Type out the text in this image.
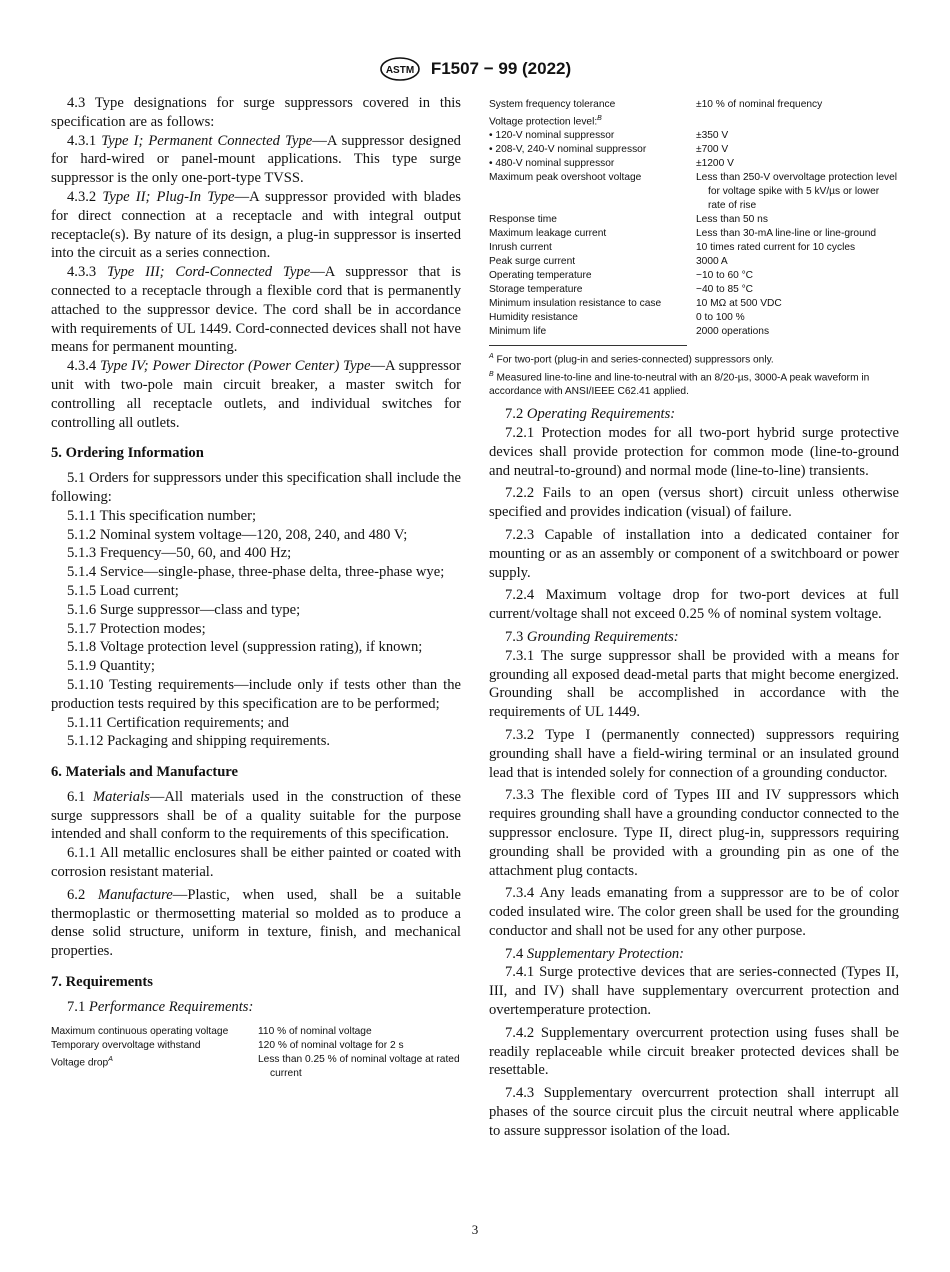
ASTM F1507 − 99 (2022)

4.3 Type designations for surge suppressors covered in this specification are as follows:

4.3.1 Type I; Permanent Connected Type—A suppressor designed for hard-wired or panel-mount applications. This type surge suppressor is the only one-port-type TVSS.

4.3.2 Type II; Plug-In Type—A suppressor provided with blades for direct connection at a receptacle and with integral output receptacle(s). By nature of its design, a plug-in suppressor is inserted into the circuit as a series connection.

4.3.3 Type III; Cord-Connected Type—A suppressor that is connected to a receptacle through a flexible cord that is permanently attached to the suppressor device. The cord shall be in accordance with requirements of UL 1449. Cord-connected devices shall not have means for permanent mounting.

4.3.4 Type IV; Power Director (Power Center) Type—A suppressor unit with two-pole main circuit breaker, a master switch for controlling all receptacle outlets, and individual switches for controlling all outlets.

5. Ordering Information

5.1 Orders for suppressors under this specification shall include the following:

5.1.1 This specification number;

5.1.2 Nominal system voltage—120, 208, 240, and 480 V;

5.1.3 Frequency—50, 60, and 400 Hz;

5.1.4 Service—single-phase, three-phase delta, three-phase wye;

5.1.5 Load current;

5.1.6 Surge suppressor—class and type;

5.1.7 Protection modes;

5.1.8 Voltage protection level (suppression rating), if known;

5.1.9 Quantity;

5.1.10 Testing requirements—include only if tests other than the production tests required by this specification are to be performed;

5.1.11 Certification requirements; and

5.1.12 Packaging and shipping requirements.

6. Materials and Manufacture

6.1 Materials—All materials used in the construction of these surge suppressors shall be of a quality suitable for the purpose intended and shall conform to the requirements of this specification.

6.1.1 All metallic enclosures shall be either painted or coated with corrosion resistant material.

6.2 Manufacture—Plastic, when used, shall be a suitable thermoplastic or thermosetting material so molded as to produce a dense solid structure, uniform in texture, finish, and mechanical properties.

7. Requirements

7.1 Performance Requirements:

Maximum continuous operating voltage	110 % of nominal voltage

Temporary overvoltage withstand	120 % of nominal voltage for 2 s

Voltage drop$^A$	Less than 0.25 % of nominal voltage at rated current
System frequency tolerance	±10 % of nominal frequency

Voltage protection level:$^B$

• 120-V nominal suppressor	±350 V

• 208-V, 240-V nominal suppressor	±700 V

• 480-V nominal suppressor	±1200 V

Maximum peak overshoot voltage	Less than 250-V overvoltage protection level for voltage spike with 5 kV/µs or lower rate of rise

Response time	Less than 50 ns

Maximum leakage current	Less than 30-mA line-line or line-ground

Inrush current	10 times rated current for 10 cycles

Peak surge current	3000 A

Operating temperature	−10 to 60 °C

Storage temperature	−40 to 85 °C

Minimum insulation resistance to case	10 MΩ at 500 VDC

Humidity resistance	0 to 100 %

Minimum life	2000 operations

$^A$ For two-port (plug-in and series-connected) suppressors only.

$^B$ Measured line-to-line and line-to-neutral with an 8/20-µs, 3000-A peak waveform in accordance with ANSI/IEEE C62.41 applied.

7.2 Operating Requirements:

7.2.1 Protection modes for all two-port hybrid surge protective devices shall provide protection for common mode (line-to-ground and neutral-to-ground) and normal mode (line-to-line) transients.

7.2.2 Fails to an open (versus short) circuit unless otherwise specified and provides indication (visual) of failure.

7.2.3 Capable of installation into a dedicated container for mounting or as an assembly or component of a switchboard or power supply.

7.2.4 Maximum voltage drop for two-port devices at full current/voltage shall not exceed 0.25 % of nominal system voltage.

7.3 Grounding Requirements:

7.3.1 The surge suppressor shall be provided with a means for grounding all exposed dead-metal parts that might become energized. Grounding shall be accomplished in accordance with the requirements of UL 1449.

7.3.2 Type I (permanently connected) suppressors requiring grounding shall have a field-wiring terminal or an insulated ground lead that is intended solely for connection of a grounding conductor.

7.3.3 The flexible cord of Types III and IV suppressors which requires grounding shall have a grounding conductor connected to the suppressor enclosure. Type II, direct plug-in, suppressors requiring grounding shall be provided with a grounding pin as one of the attachment plug contacts.

7.3.4 Any leads emanating from a suppressor are to be of color coded insulated wire. The color green shall be used for the grounding conductor and shall not be used for any other purpose.

7.4 Supplementary Protection:

7.4.1 Surge protective devices that are series-connected (Types II, III, and IV) shall have supplementary overcurrent protection and overtemperature protection.

7.4.2 Supplementary overcurrent protection using fuses shall be readily replaceable while circuit breaker protected devices shall be resettable.

7.4.3 Supplementary overcurrent protection shall interrupt all phases of the source circuit plus the circuit neutral where applicable to assure suppressor isolation of the load.

3
